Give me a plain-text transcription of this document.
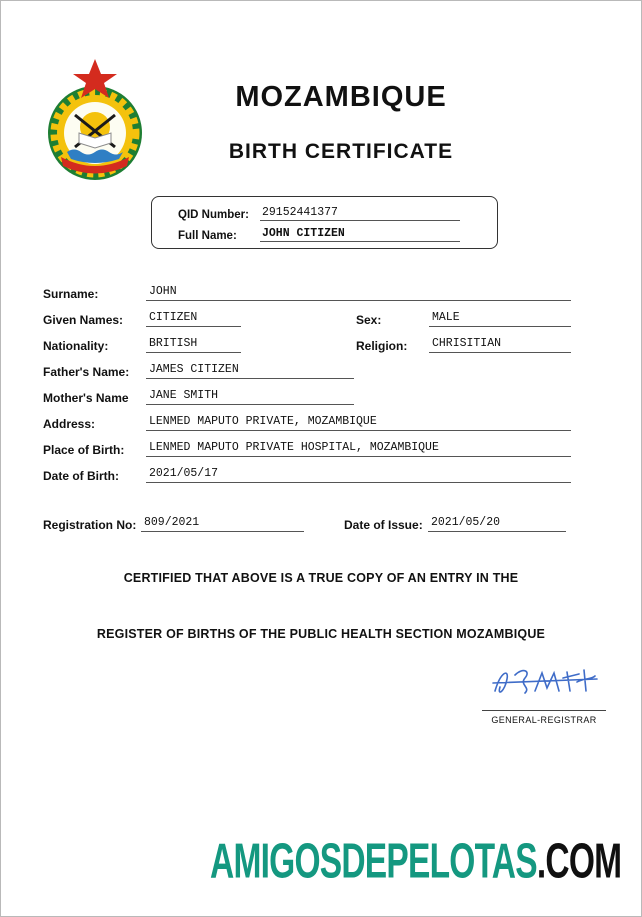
MOZAMBIQUE
BIRTH CERTIFICATE
QID Number:	29152441377
Full Name:	JOHN CITIZEN
Surname:	JOHN
Given Names:	CITIZEN	Sex:	MALE
Nationality:	BRITISH	Religion:	CHRISITIAN
Father's Name:	JAMES CITIZEN
Mother's Name	JANE SMITH
Address:	LENMED MAPUTO PRIVATE, MOZAMBIQUE
Place of Birth:	LENMED MAPUTO PRIVATE HOSPITAL, MOZAMBIQUE
Date of Birth:	2021/05/17
Registration No: 809/2021	Date of Issue: 2021/05/20
CERTIFIED THAT ABOVE IS A TRUE COPY OF AN ENTRY IN THE
REGISTER OF BIRTHS OF THE PUBLIC HEALTH SECTION MOZAMBIQUE
GENERAL-REGISTRAR
AMIGOSDEPELOTAS.COM
